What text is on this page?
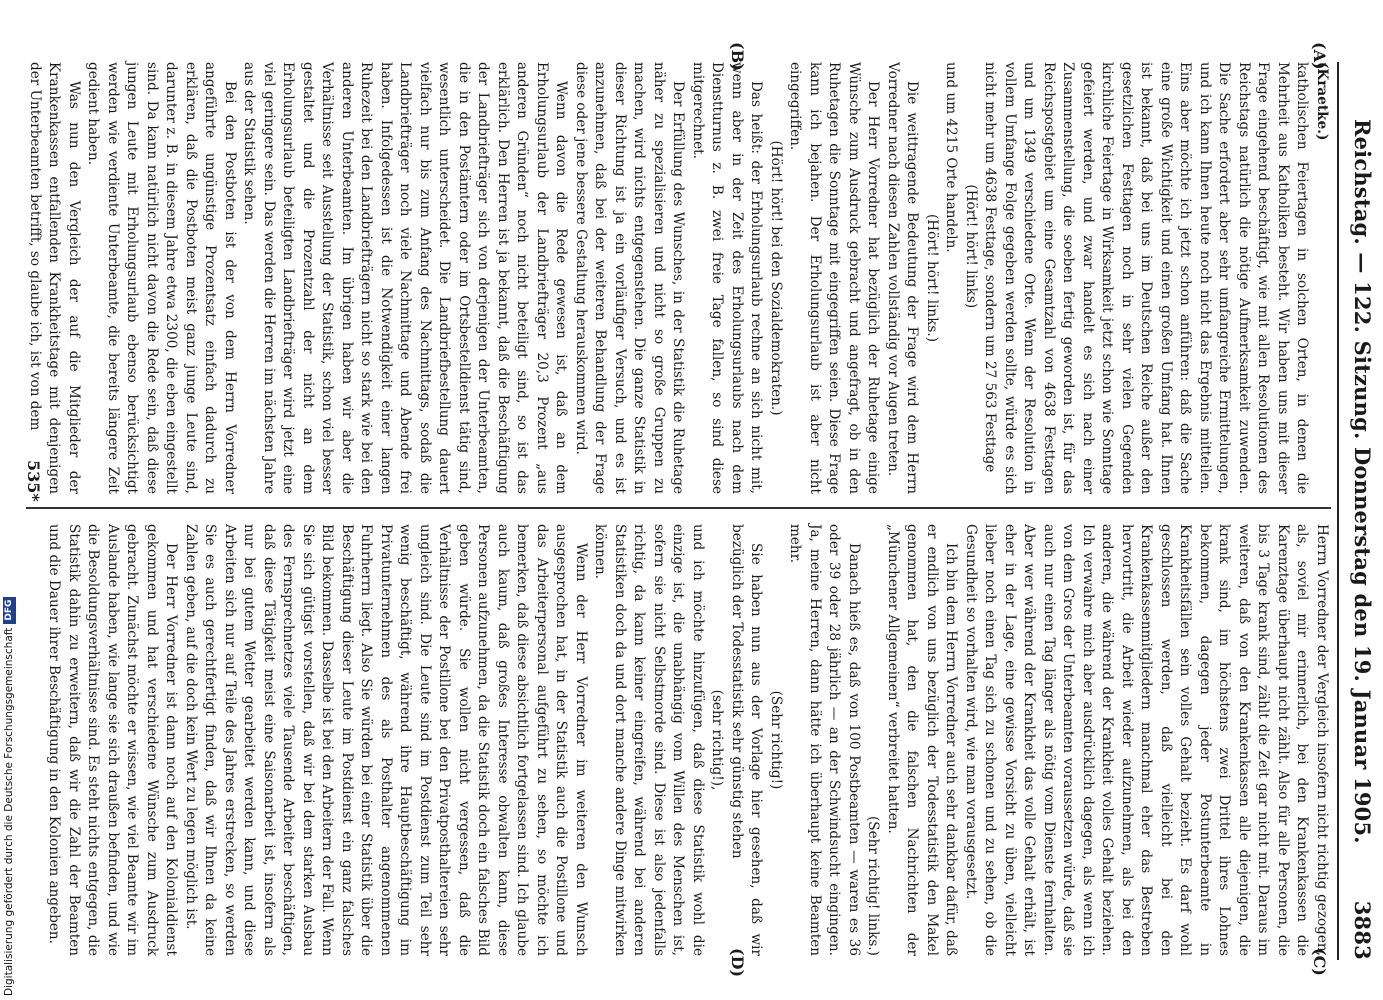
Reichstag. — 122. Sitzung. Donnerstag den 19. Januar 1905.
3883
(A)
(B)
(C)
(D)

(Kraetke.)

katholischen Feiertagen in solchen Orten, in denen die Mehrheit aus Katholiken besteht. Wir haben uns mit dieser Frage eingehend beschäftigt, wie mit allen Resolutionen des Reichstags natürlich die nötige Aufmerksamkeit zuwenden. Die Sache erfordert aber sehr umfangreiche Ermittelungen, und ich kann Ihnen heute noch nicht das Ergebnis mitteilen. Eins aber möchte ich jetzt schon anführen: daß die Sache eine große Wichtigkeit und einen großen Umfang hat. Ihnen ist bekannt, daß bei uns im Deutschen Reiche außer den gesetzlichen Festtagen noch in sehr vielen Gegenden kirchliche Feiertage in Wirksamkeit jetzt schon wie Sonntage gefeiert werden, und zwar handelt es sich nach einer Zusammenstellung, die soeben fertig geworden ist, für das Reichspostgebiet um eine Gesamtzahl von 4638 Festtagen und um 1349 verschiedene Orte. Wenn der Resolution in vollem Umfange Folge gegeben werden sollte, würde es sich nicht mehr um 4638 Festtage, sondern um 27 563 Festtage

(Hört! hört! links)

und um 4215 Orte handeln.

(Hört! hört! links.)

Die weittragende Bedeutung der Frage wird dem Herrn Vorredner nach diesen Zahlen vollständig vor Augen treten.

Der Herr Vorredner hat bezüglich der Ruhetage einige Wünsche zum Ausdruck gebracht und angefragt, ob in den Ruhetagen die Sonntage mit eingegriffen seien. Diese Frage kann ich bejahen. Der Erholungsurlaub ist aber nicht eingegriffen.

(Hört! hört! bei den Sozialdemokraten.)

Das heißt: der Erholungsurlaub rechne an sich nicht mit, wenn aber in der Zeit des Erholungsurlaubs nach dem Dienstturnus z. B. zwei freie Tage fallen, so sind diese mitgerechnet.

Der Erfüllung des Wunsches, in der Statistik die Ruhetage näher zu spezialisieren und nicht so große Gruppen zu machen, wird nichts entgegenstehen. Die ganze Statistik in dieser Richtung ist ja ein vorläufiger Versuch, und es ist anzunehmen, daß bei der weiteren Behandlung der Frage diese oder jene bessere Gestaltung herauskommen wird.

Wenn davon die Rede gewesen ist, daß an dem Erholungsurlaub der Landbriefträger 20,3 Prozent „aus anderen Gründen“ noch nicht beteiligt sind, so ist das erklärlich. Den Herren ist ja bekannt, daß die Beschäftigung der Landbriefträger sich von derjenigen der Unterbeamten, die in den Postämtern oder im Ortsbestelldienst tätig sind, wesentlich unterscheidet. Die Landbriefbestellung dauert vielfach nur bis zum Anfang des Nachmittags, sodaß die Landbriefträger noch viele Nachmittage und Abende frei haben. Infolgedessen ist die Notwendigkeit einer langen Ruhezeit bei den Landbriefträgern nicht so stark wie bei den anderen Unterbeamten. Im übrigen haben wir aber die Verhältnisse seit Ausstellung der Statistik, schon viel besser gestaltet und die Prozentzahl der nicht an dem Erholungsurlaub beteiligten Landbriefträger wird jetzt eine viel geringere sein. Das werden die Herren im nächsten Jahre aus der Statistik sehen.

Bei den Postboten ist der von dem Herrn Vorredner angeführte ungünstige Prozentsatz einfach dadurch zu erklären, daß die Postboten meist ganz junge Leute sind, darunter z. B. in diesem Jahre etwa 2300, die eben eingestellt sind. Da kann natürlich nicht davon die Rede sein, daß diese jungen Leute mit Erholungsurlaub ebenso berücksichtigt werden wie verdiente Unterbeamte, die bereits längere Zeit gedient haben.

Was nun den Vergleich der auf die Mitglieder der Krankenkassen entfallenden Krankheitstage mit denjenigen der Unterbeamten betrifft, so glaube ich, ist von dem

Herrn Vorredner der Vergleich insofern nicht richtig gezogen, als, soviel mir erinnerlich, bei den Krankenkassen die Karenztage überhaupt nicht zählt. Also für alle Personen, die bis 3 Tage krank sind, zählt die Zeit gar nicht mit. Daraus im weiteren, daß von den Krankenkassen alle diejenigen, die krank sind, im höchstens zwei Drittel ihres Lohnes bekommen, dagegen jeder Postunterbeamte in Krankheitsfällen sein volles Gehalt bezieht. Es darf wohl geschlossen werden, daß vielleicht bei den Krankenkassenmitgliedern manchmal eher das Bestreben hervortritt, die Arbeit wieder aufzunehmen, als bei den anderen, die während der Krankheit volles Gehalt beziehen. Ich verwahre mich aber ausdrücklich dagegen, als wenn ich von dem Gros der Unterbeamten voraussetzen würde, daß sie auch nur einen Tag länger als nötig vom Dienste fernhalten. Aber wer während der Krankheit das volle Gehalt erhält, ist eher in der Lage, eine gewisse Vorsicht zu üben, vielleicht lieber noch einen Tag sich zu schonen und zu sehen, ob die Gesundheit so vorhalten wird, wie man vorausgesetzt.

Ich bin dem Herrn Vorredner auch sehr dankbar dafür, daß er endlich von uns bezüglich der Todesstatistik den Makel genommen hat, den die falschen Nachrichten der „Münchener Allgemeinen“ verbreitet hatten.

(Sehr richtig! links.)

Danach hieß es, daß von 100 Postbeamten — waren es 36 oder 39 oder 28 jährlich — an der Schwindsucht eingingen. Ja, meine Herren, dann hätte ich überhaupt keine Beamten mehr.

(Sehr richtig!)

Sie haben nun aus der Vorlage hier gesehen, daß wir bezüglich der Todesstatistik sehr günstig stehen

(sehr richtig!),

und ich möchte hinzufügen, daß diese Statistik wohl die einzige ist, die unabhängig vom Willen des Menschen ist, sofern sie nicht Selbstmorde sind. Diese ist also jedenfalls richtig, da kann keiner eingreifen, während bei anderen Statistiken doch da und dort manche andere Dinge mitwirken können.

Wenn der Herr Vorredner im weiteren den Wunsch ausgesprochen hat, in der Statistik auch die Postillone und das Arbeiterpersonal aufgeführt zu sehen, so möchte ich bemerken, daß diese absichtlich fortgelassen sind. Ich glaube auch kaum, daß großes Interesse obwalten kann, diese Personen aufzunehmen, da die Statistik doch ein falsches Bild geben würde. Sie wollen nicht vergessen, daß die Verhältnisse der Postillone bei den Privatposthaltereien sehr ungleich sind. Die Leute sind im Postdienst zum Teil sehr wenig beschäftigt, während ihre Hauptbeschäftigung im Privatunternehmen des als Posthalter angenommenen Fuhrherrn liegt. Also Sie würden bei einer Statistik über die Beschäftigung dieser Leute im Postdienst ein ganz falsches Bild bekommen. Dasselbe ist bei den Arbeitern der Fall. Wenn Sie sich gütigst vorstellen, daß wir bei dem starken Ausbau des Fernsprechnetzes viele Tausende Arbeiter beschäftigen, daß diese Tätigkeit meist eine Saisonarbeit ist, insofern als nur bei gutem Wetter gearbeitet werden kann, und diese Arbeiten sich nur auf Teile des Jahres erstrecken, so werden Sie es auch gerechtfertigt finden, daß wir Ihnen da keine Zahlen geben, auf die doch kein Wert zu legen möglich ist.

Der Herr Vorredner ist dann noch auf den Kolonialdienst gekommen und hat verschiedene Wünsche zum Ausdruck gebracht. Zunächst möchte er wissen, wie viel Beamte wir im Auslande haben, wie lange sie sich draußen befinden, und wie die Besoldungsverhältnisse sind. Es steht nichts entgegen, die Statistik dahin zu erweitern, daß wir die Zahl der Beamten und die Dauer ihrer Beschäftigung in den Kolonien angeben.

535*
Digitalisierung gefördert durch die Deutsche Forschungsgemeinschaft
DFG
